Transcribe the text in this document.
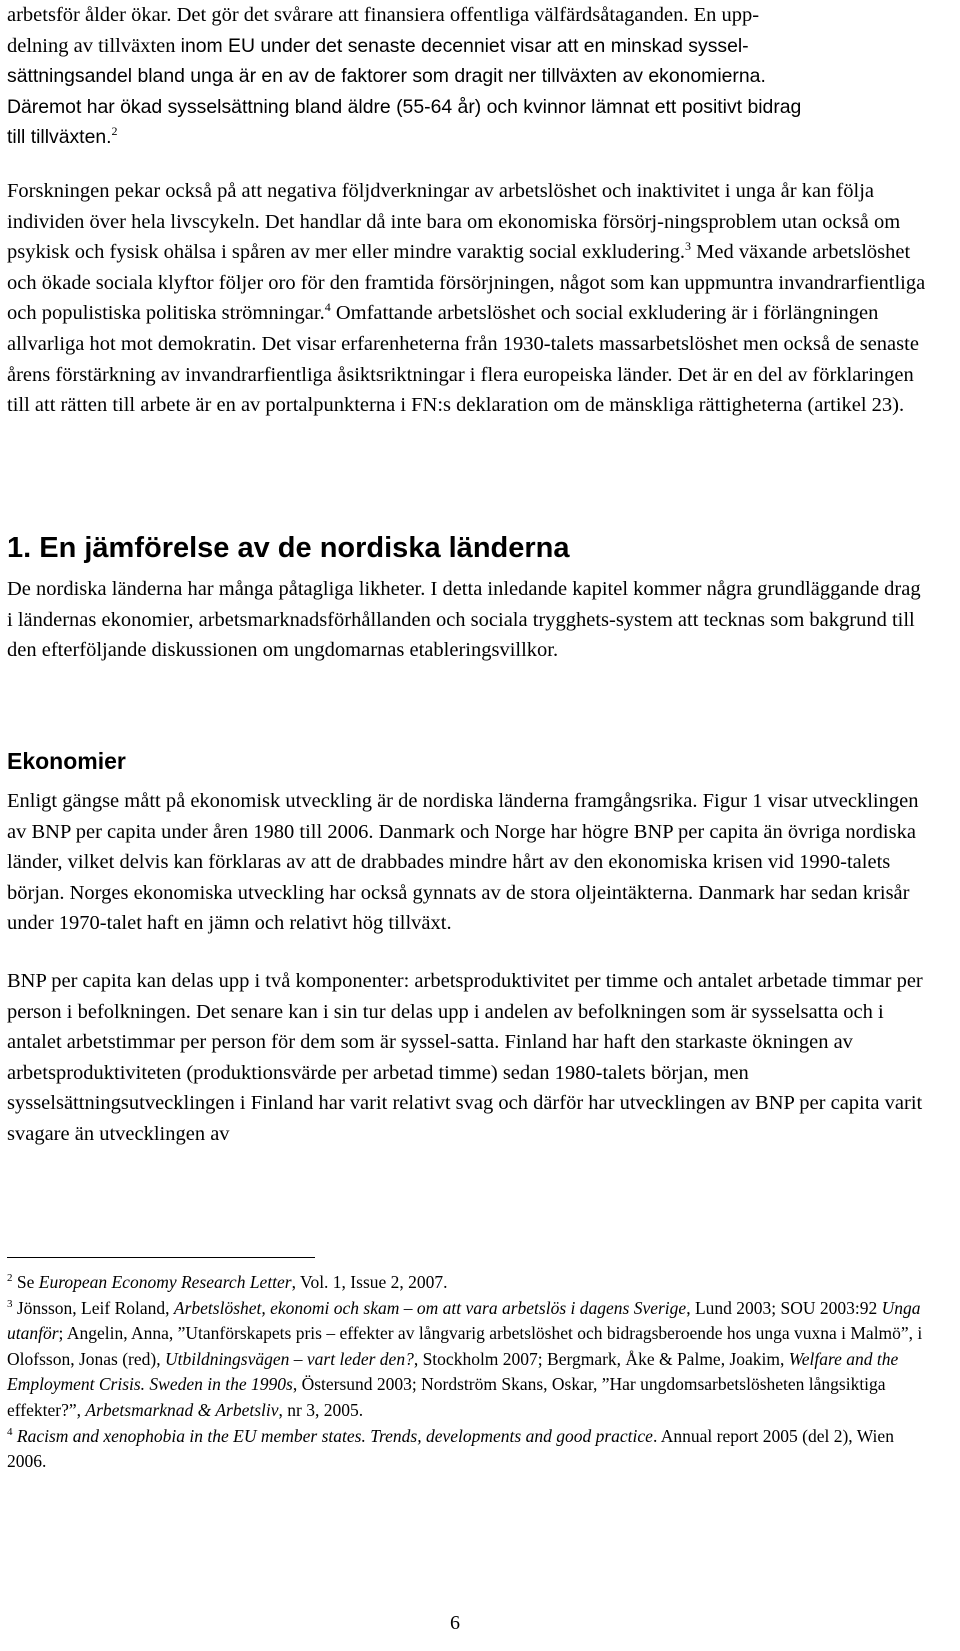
arbetsför ålder ökar. Det gör det svårare att finansiera offentliga välfärdsåtaganden. En upp-
delning av tillväxten inom EU under det senaste decenniet visar att en minskad syssel-
sättningsandel bland unga är en av de faktorer som dragit ner tillväxten av ekonomierna.
Däremot har ökad sysselsättning bland äldre (55-64 år) och kvinnor lämnat ett positivt bidrag
till tillväxten.$^2$

Forskningen pekar också på att negativa följdverkningar av arbetslöshet och inaktivitet i unga år kan följa individen över hela livscykeln. Det handlar då inte bara om ekonomiska försörj-ningsproblem utan också om psykisk och fysisk ohälsa i spåren av mer eller mindre varaktig social exkludering.$^3$ Med växande arbetslöshet och ökade sociala klyftor följer oro för den framtida försörjningen, något som kan uppmuntra invandrarfientliga och populistiska politiska strömningar.$^4$ Omfattande arbetslöshet och social exkludering är i förlängningen allvarliga hot mot demokratin. Det visar erfarenheterna från 1930-talets massarbetslöshet men också de senaste årens förstärkning av invandrarfientliga åsiktsriktningar i flera europeiska länder. Det är en del av förklaringen till att rätten till arbete är en av portalpunkterna i FN:s deklaration om de mänskliga rättigheterna (artikel 23).

1. En jämförelse av de nordiska länderna

De nordiska länderna har många påtagliga likheter. I detta inledande kapitel kommer några grundläggande drag i ländernas ekonomier, arbetsmarknadsförhållanden och sociala trygghets-system att tecknas som bakgrund till den efterföljande diskussionen om ungdomarnas etableringsvillkor.

Ekonomier

Enligt gängse mått på ekonomisk utveckling är de nordiska länderna framgångsrika. Figur 1 visar utvecklingen av BNP per capita under åren 1980 till 2006. Danmark och Norge har högre BNP per capita än övriga nordiska länder, vilket delvis kan förklaras av att de drabbades mindre hårt av den ekonomiska krisen vid 1990-talets början. Norges ekonomiska utveckling har också gynnats av de stora oljeintäkterna. Danmark har sedan krisår under 1970-talet haft en jämn och relativt hög tillväxt.

BNP per capita kan delas upp i två komponenter: arbetsproduktivitet per timme och antalet arbetade timmar per person i befolkningen. Det senare kan i sin tur delas upp i andelen av befolkningen som är sysselsatta och i antalet arbetstimmar per person för dem som är syssel-satta. Finland har haft den starkaste ökningen av arbetsproduktiviteten (produktionsvärde per arbetad timme) sedan 1980-talets början, men sysselsättningsutvecklingen i Finland har varit relativt svag och därför har utvecklingen av BNP per capita varit svagare än utvecklingen av

$^2$ Se European Economy Research Letter, Vol. 1, Issue 2, 2007.

$^3$ Jönsson, Leif Roland, Arbetslöshet, ekonomi och skam – om att vara arbetslös i dagens Sverige, Lund 2003; SOU 2003:92 Unga utanför; Angelin, Anna, ”Utanförskapets pris – effekter av långvarig arbetslöshet och bidragsberoende hos unga vuxna i Malmö”, i Olofsson, Jonas (red), Utbildningsvägen – vart leder den?, Stockholm 2007; Bergmark, Åke & Palme, Joakim, Welfare and the Employment Crisis. Sweden in the 1990s, Östersund 2003; Nordström Skans, Oskar, ”Har ungdomsarbetslösheten långsiktiga effekter?”, Arbetsmarknad & Arbetsliv, nr 3, 2005.

$^4$ Racism and xenophobia in the EU member states. Trends, developments and good practice. Annual report 2005 (del 2), Wien 2006.

6
